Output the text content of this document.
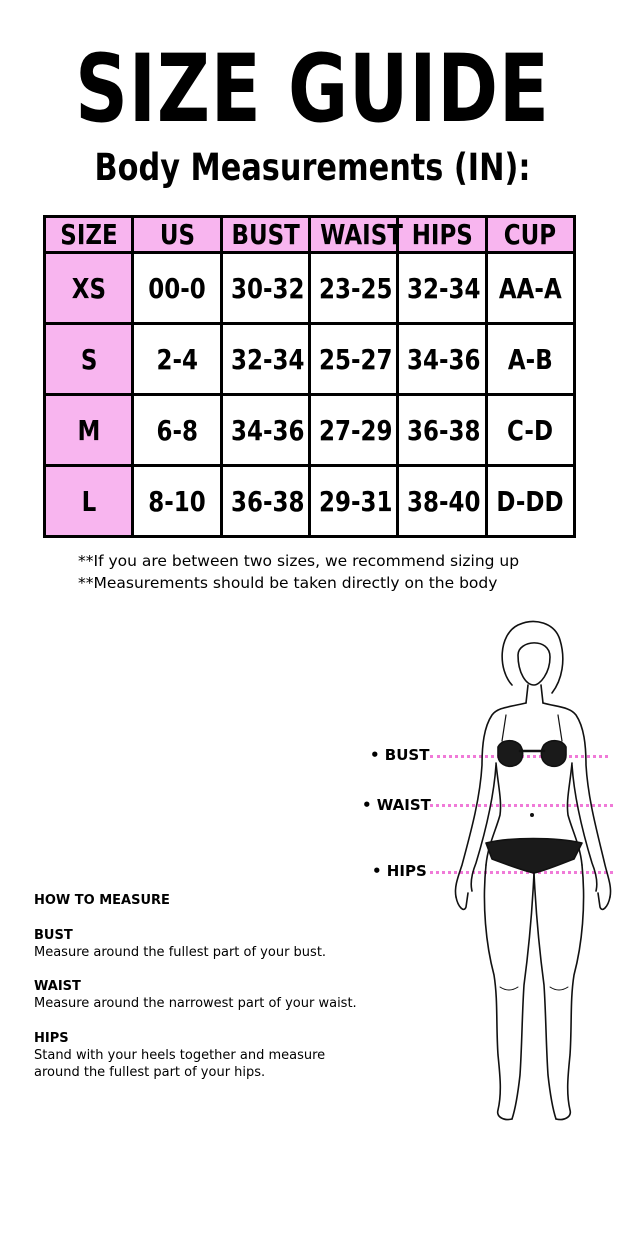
SIZE GUIDE
Body Measurements (IN):
SIZE	US	BUST	WAIST	HIPS	CUP
XS	00-0	30-32	23-25	32-34	AA-A
S	2-4	32-34	25-27	34-36	A-B
M	6-8	34-36	27-29	36-38	C-D
L	8-10	36-38	29-31	38-40	D-DD

**If you are between two sizes, we recommend sizing up

**Measurements should be taken directly on the body

• BUST
• WAIST
• HIPS

HOW TO MEASURE

BUST

Measure around the fullest part of your bust.

WAIST

Measure around the narrowest part of your waist.

HIPS

Stand with your heels together and measure
around the fullest part of your hips.
